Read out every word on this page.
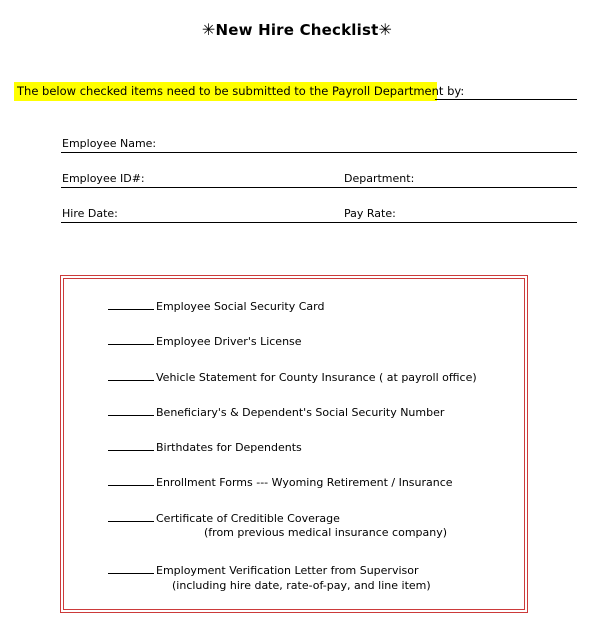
✳New Hire Checklist✳
The below checked items need to be submitted to the Payroll Department by:
Employee Name:
Employee ID#:	Department:
Hire Date:	Pay Rate:
Employee Social Security Card
Employee Driver's License
Vehicle Statement for County Insurance ( at payroll office)
Beneficiary's & Dependent's Social Security Number
Birthdates for Dependents
Enrollment Forms --- Wyoming Retirement / Insurance
Certificate of Creditible Coverage
(from previous medical insurance company)
Employment Verification Letter from Supervisor
(including hire date, rate-of-pay, and line item)
